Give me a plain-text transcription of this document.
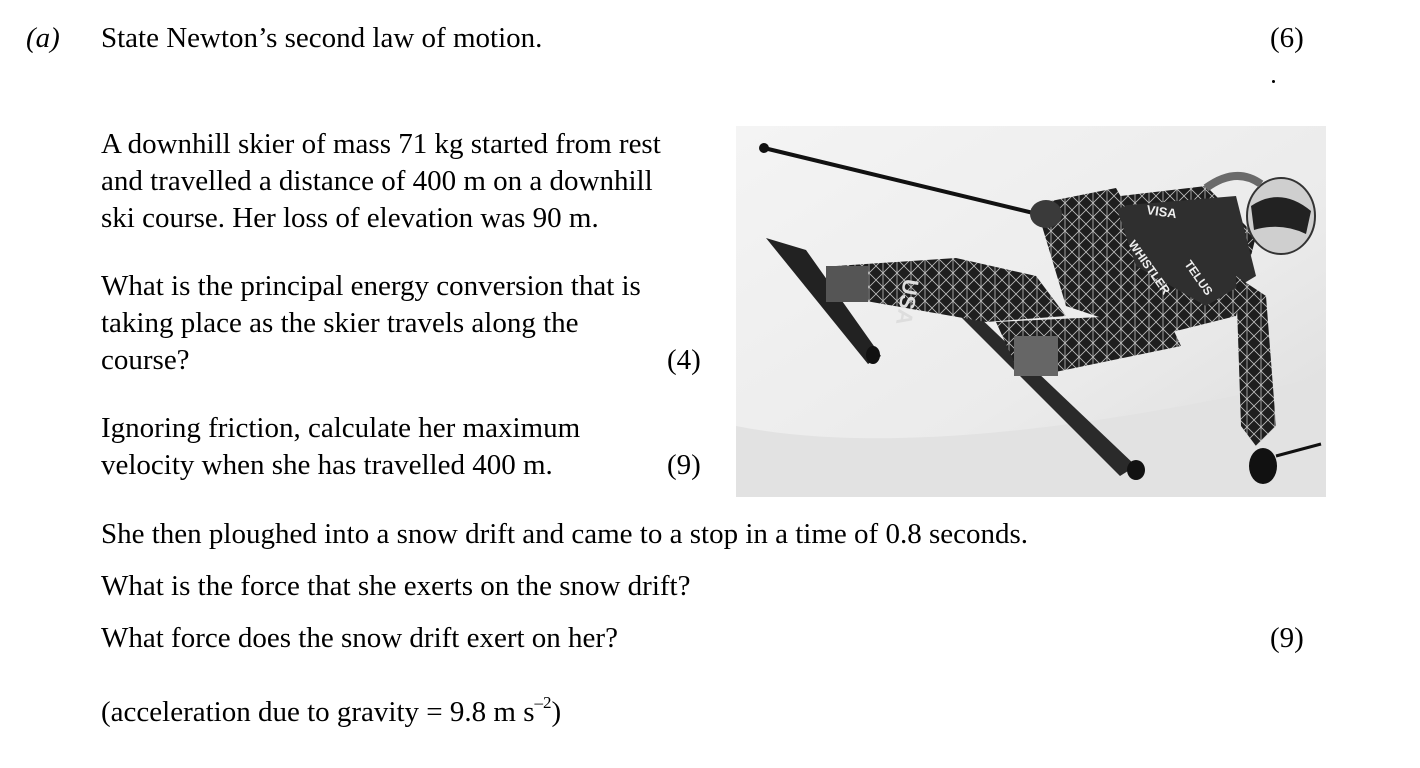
(a) State Newton’s second law of motion.	(6)
A downhill skier of mass 71 kg started from rest
and travelled a distance of 400 m on a downhill
ski course. Her loss of elevation was 90 m.
What is the principal energy conversion that is
taking place as the skier travels along the
course?	(4)
Ignoring friction, calculate her maximum
velocity when she has travelled 400 m.	(9)
VISA
WHISTLER TELUS
USA
She then ploughed into a snow drift and came to a stop in a time of 0.8 seconds.
What is the force that she exerts on the snow drift?
What force does the snow drift exert on her?	(9)
(acceleration due to gravity = 9.8 m $s^{-2}$)
